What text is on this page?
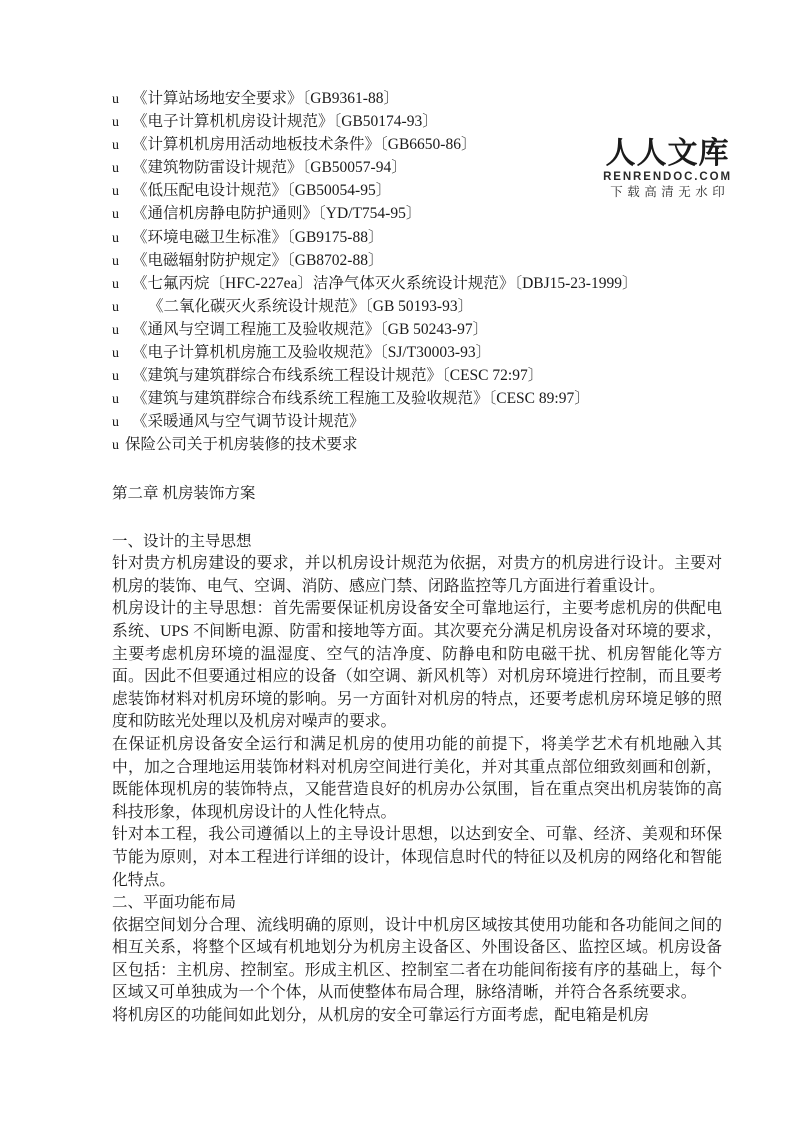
人人文库
RENRENDOC.COM
下载高清无水印
u 《计算站场地安全要求》〔GB9361-88〕
u 《电子计算机机房设计规范》〔GB50174-93〕
u 《计算机机房用活动地板技术条件》〔GB6650-86〕
u 《建筑物防雷设计规范》〔GB50057-94〕
u 《低压配电设计规范》〔GB50054-95〕
u 《通信机房静电防护通则》〔YD/T754-95〕
u 《环境电磁卫生标准》〔GB9175-88〕
u 《电磁辐射防护规定》〔GB8702-88〕
u 《七氟丙烷〔HFC-227ea〕洁净气体灭火系统设计规范》〔DBJ15-23-1999〕
u 《二氧化碳灭火系统设计规范》〔GB 50193-93〕
u 《通风与空调工程施工及验收规范》〔GB 50243-97〕
u 《电子计算机机房施工及验收规范》〔SJ/T30003-93〕
u 《建筑与建筑群综合布线系统工程设计规范》〔CESC 72:97〕
u 《建筑与建筑群综合布线系统工程施工及验收规范》〔CESC 89:97〕
u 《采暖通风与空气调节设计规范》
u 保险公司关于机房装修的技术要求

第二章 机房装饰方案

一、设计的主导思想

针对贵方机房建设的要求，并以机房设计规范为依据，对贵方的机房进行设计。主要对机房的装饰、电气、空调、消防、感应门禁、闭路监控等几方面进行着重设计。

机房设计的主导思想：首先需要保证机房设备安全可靠地运行，主要考虑机房的供配电系统、UPS 不间断电源、防雷和接地等方面。其次要充分满足机房设备对环境的要求，主要考虑机房环境的温湿度、空气的洁净度、防静电和防电磁干扰、机房智能化等方面。因此不但要通过相应的设备（如空调、新风机等）对机房环境进行控制，而且要考虑装饰材料对机房环境的影响。另一方面针对机房的特点，还要考虑机房环境足够的照度和防眩光处理以及机房对噪声的要求。

在保证机房设备安全运行和满足机房的使用功能的前提下，将美学艺术有机地融入其中，加之合理地运用装饰材料对机房空间进行美化，并对其重点部位细致刻画和创新，既能体现机房的装饰特点，又能营造良好的机房办公氛围，旨在重点突出机房装饰的高科技形象，体现机房设计的人性化特点。

针对本工程，我公司遵循以上的主导设计思想，以达到安全、可靠、经济、美观和环保节能为原则，对本工程进行详细的设计，体现信息时代的特征以及机房的网络化和智能化特点。

二、平面功能布局

依据空间划分合理、流线明确的原则，设计中机房区域按其使用功能和各功能间之间的相互关系，将整个区域有机地划分为机房主设备区、外围设备区、监控区域。机房设备区包括：主机房、控制室。形成主机区、控制室二者在功能间衔接有序的基础上，每个区域又可单独成为一个个体，从而使整体布局合理，脉络清晰，并符合各系统要求。

将机房区的功能间如此划分，从机房的安全可靠运行方面考虑，配电箱是机房
